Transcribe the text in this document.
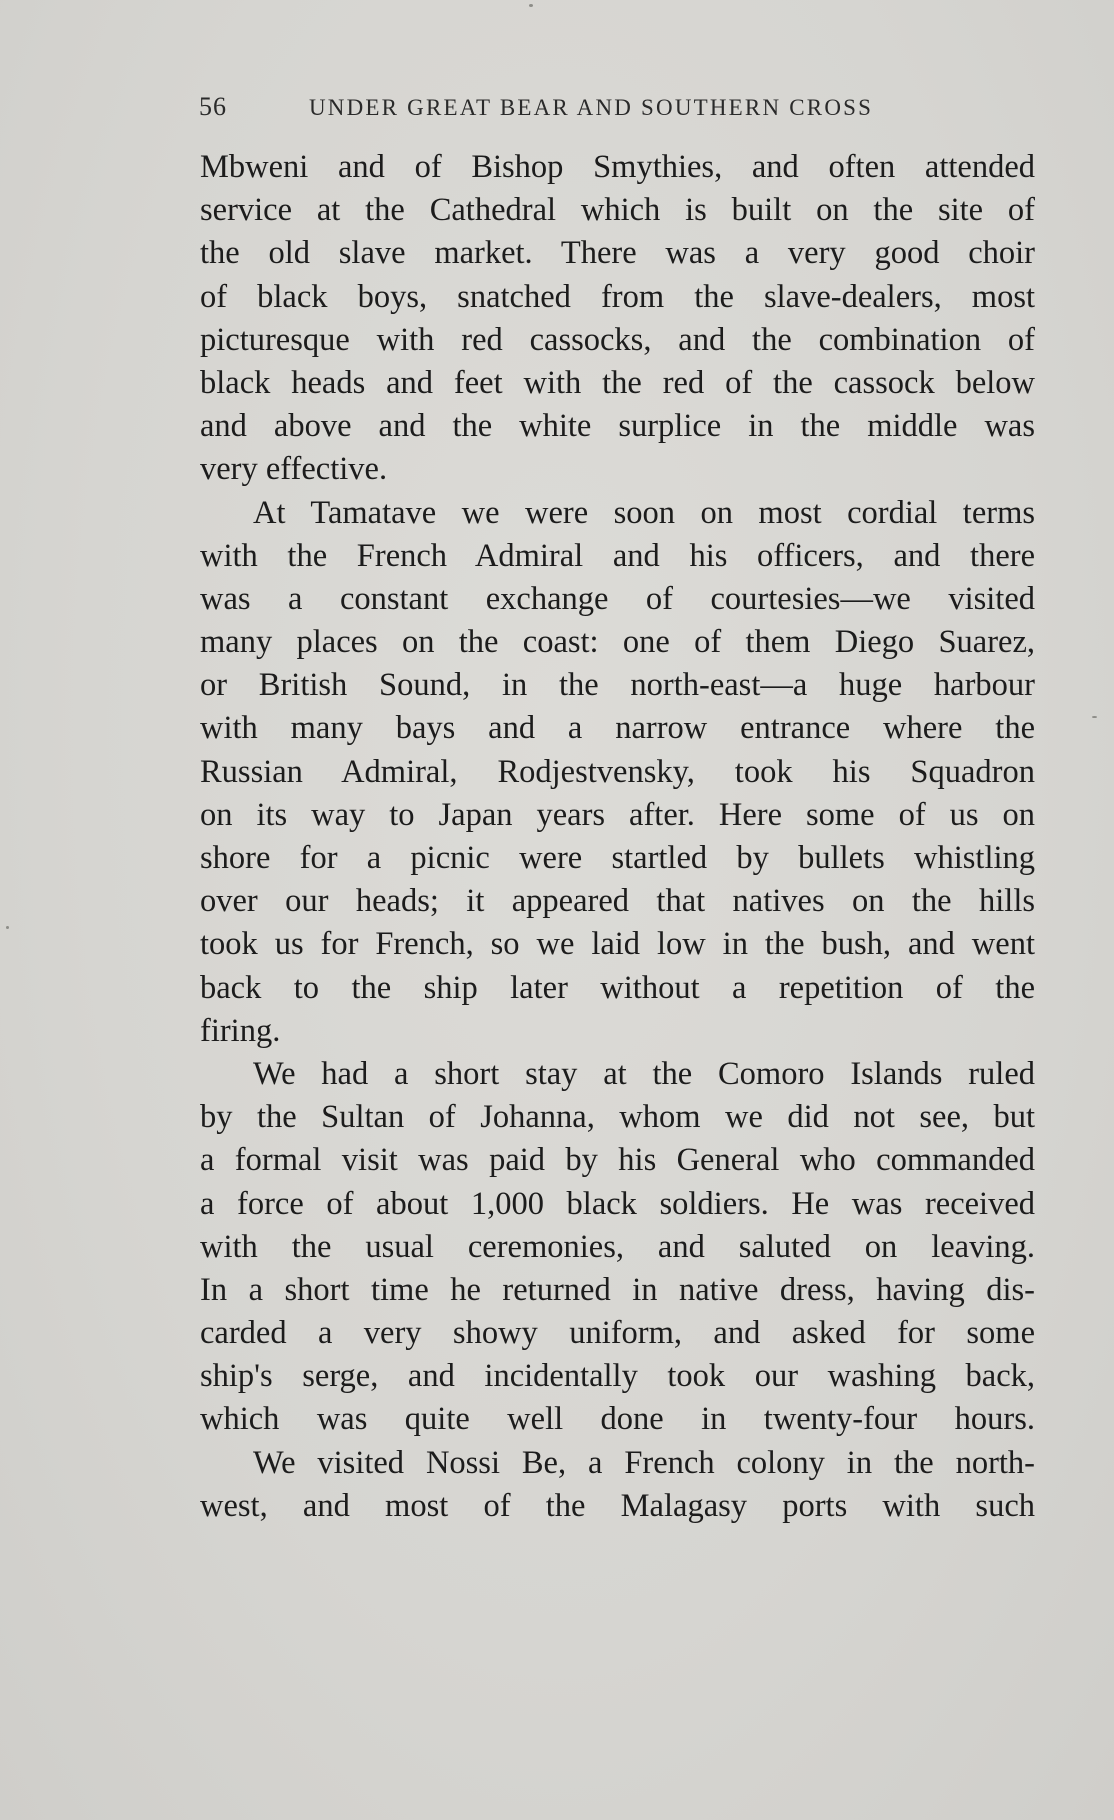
56	UNDER GREAT BEAR AND SOUTHERN CROSS
Mbweni and of Bishop Smythies, and often attended
service at the Cathedral which is built on the site of
the old slave market. There was a very good choir
of black boys, snatched from the slave-dealers, most
picturesque with red cassocks, and the combination of
black heads and feet with the red of the cassock below
and above and the white surplice in the middle was
very effective.
At Tamatave we were soon on most cordial terms
with the French Admiral and his officers, and there
was a constant exchange of courtesies—we visited
many places on the coast: one of them Diego Suarez,
or British Sound, in the north-east—a huge harbour
with many bays and a narrow entrance where the
Russian Admiral, Rodjestvensky, took his Squadron
on its way to Japan years after. Here some of us on
shore for a picnic were startled by bullets whistling
over our heads; it appeared that natives on the hills
took us for French, so we laid low in the bush, and went
back to the ship later without a repetition of the
firing.
We had a short stay at the Comoro Islands ruled
by the Sultan of Johanna, whom we did not see, but
a formal visit was paid by his General who commanded
a force of about 1,000 black soldiers. He was received
with the usual ceremonies, and saluted on leaving.
In a short time he returned in native dress, having dis-
carded a very showy uniform, and asked for some
ship's serge, and incidentally took our washing back,
which was quite well done in twenty-four hours.
We visited Nossi Be, a French colony in the north-
west, and most of the Malagasy ports with such
